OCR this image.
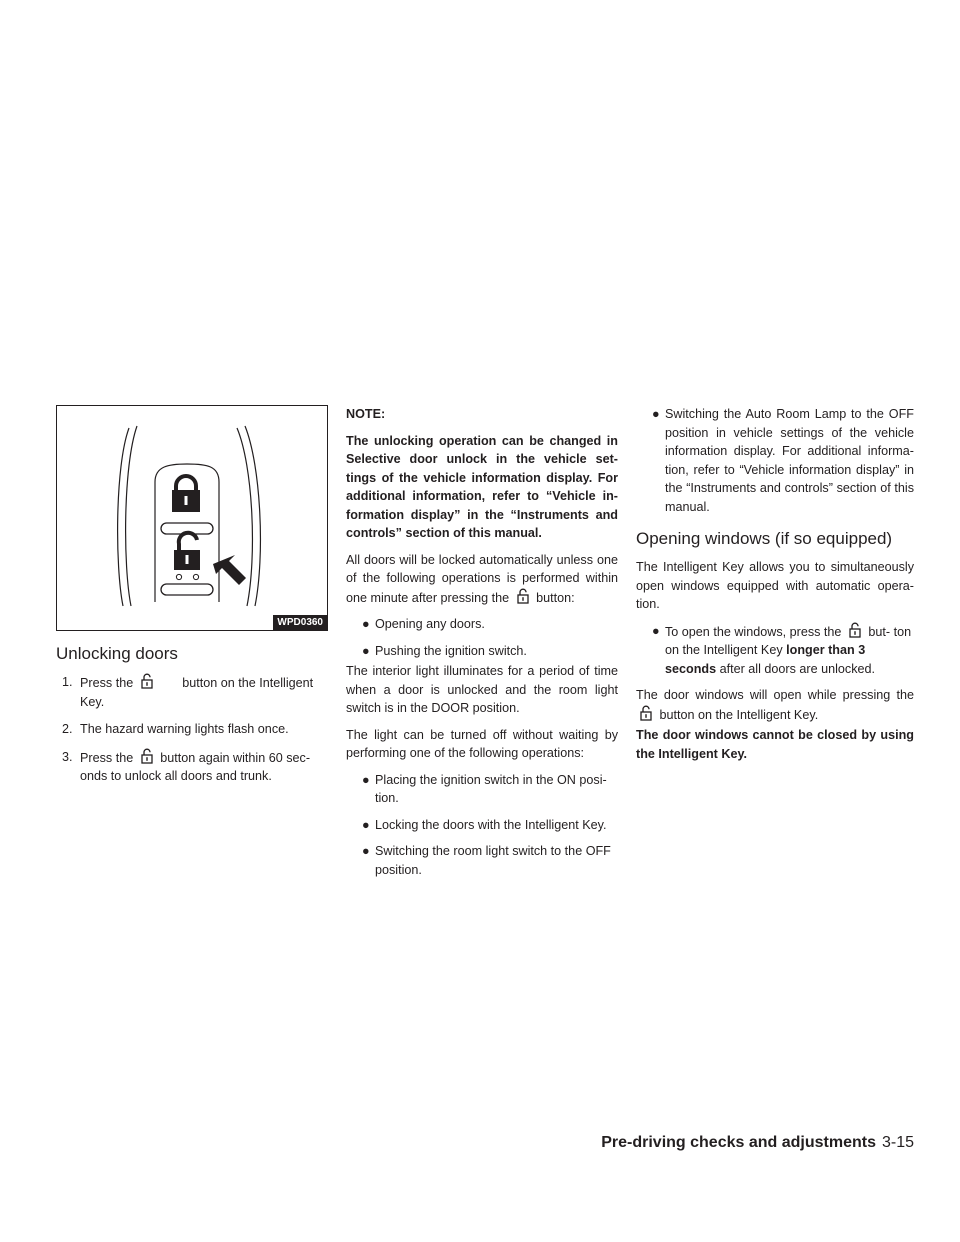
WPD0360
Unlocking doors
1. Press the	button on the Intelligent Key.
2. The hazard warning lights flash once.
3. Press the button again within 60 sec- onds to unlock all doors and trunk.

NOTE:

The unlocking operation can be changed in Selective door unlock in the vehicle set- tings of the vehicle information display. For additional information, refer to “Vehicle in- formation display” in the “Instruments and controls” section of this manual.

All doors will be locked automatically unless one of the following operations is performed within one minute after pressing the button:

● Opening any doors.
● Pushing the ignition switch.

The interior light illuminates for a period of time when a door is unlocked and the room light switch is in the DOOR position.

The light can be turned off without waiting by performing one of the following operations:

● Placing the ignition switch in the ON posi- tion.
● Locking the doors with the Intelligent Key.
● Switching the room light switch to the OFF position.
● Switching the Auto Room Lamp to the OFF position in vehicle settings of the vehicle information display. For additional informa- tion, refer to “Vehicle information display” in the “Instruments and controls” section of this manual.
Opening windows (if so equipped)

The Intelligent Key allows you to simultaneously open windows equipped with automatic opera- tion.

● To open the windows, press the but- ton on the Intelligent Key longer than 3 seconds after all doors are unlocked.

The door windows will open while pressing the  button on the Intelligent Key.

The door windows cannot be closed by using the Intelligent Key.

Pre-driving checks and adjustments 3-15
